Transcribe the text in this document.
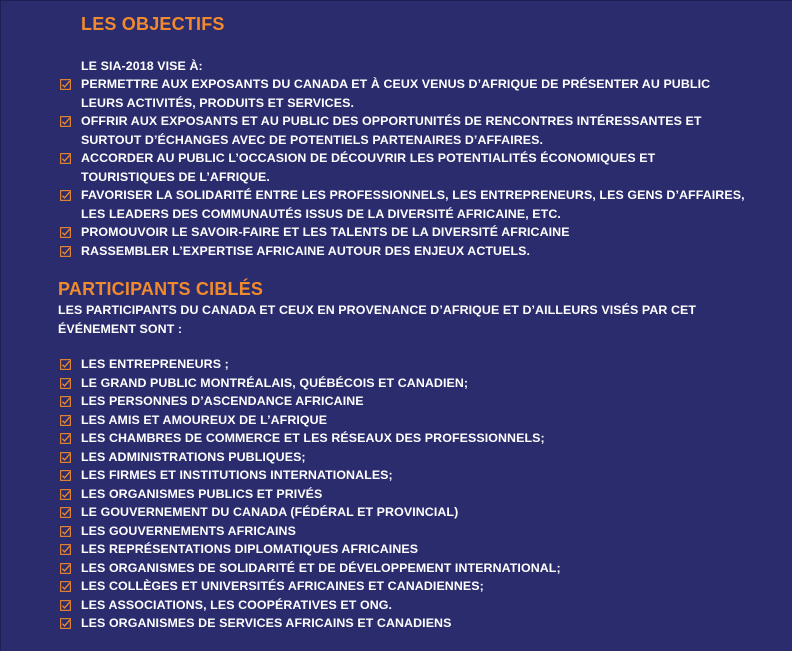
LES OBJECTIFS

LE SIA-2018 VISE À:

PERMETTRE AUX EXPOSANTS DU CANADA ET À CEUX VENUS D’AFRIQUE DE PRÉSENTER AU PUBLIC LEURS ACTIVITÉS, PRODUITS ET SERVICES.
OFFRIR AUX EXPOSANTS ET AU PUBLIC DES OPPORTUNITÉS DE RENCONTRES INTÉRESSANTES ET SURTOUT D’ÉCHANGES AVEC DE POTENTIELS PARTENAIRES D’AFFAIRES.
ACCORDER AU PUBLIC L’OCCASION DE DÉCOUVRIR LES POTENTIALITÉS ÉCONOMIQUES ET TOURISTIQUES DE L’AFRIQUE.
FAVORISER LA SOLIDARITÉ ENTRE LES PROFESSIONNELS, LES ENTREPRENEURS, LES GENS D’AFFAIRES, LES LEADERS DES COMMUNAUTÉS ISSUS DE LA DIVERSITÉ AFRICAINE, ETC.
PROMOUVOIR LE SAVOIR-FAIRE ET LES TALENTS DE LA DIVERSITÉ AFRICAINE
RASSEMBLER L’EXPERTISE AFRICAINE AUTOUR DES ENJEUX ACTUELS.
PARTICIPANTS CIBLÉS

LES PARTICIPANTS DU CANADA ET CEUX EN PROVENANCE D’AFRIQUE ET D’AILLEURS VISÉS PAR CET ÉVÉNEMENT SONT :

LES ENTREPRENEURS ;
LE GRAND PUBLIC MONTRÉALAIS, QUÉBÉCOIS ET CANADIEN;
LES PERSONNES D’ASCENDANCE AFRICAINE
LES AMIS ET AMOUREUX DE L’AFRIQUE
LES CHAMBRES DE COMMERCE ET LES RÉSEAUX DES PROFESSIONNELS;
LES ADMINISTRATIONS PUBLIQUES;
LES FIRMES ET INSTITUTIONS INTERNATIONALES;
LES ORGANISMES PUBLICS ET PRIVÉS
LE GOUVERNEMENT DU CANADA (FÉDÉRAL ET PROVINCIAL)
LES GOUVERNEMENTS AFRICAINS
LES REPRÉSENTATIONS DIPLOMATIQUES AFRICAINES
LES ORGANISMES DE SOLIDARITÉ ET DE DÉVELOPPEMENT INTERNATIONAL;
LES COLLÈGES ET UNIVERSITÉS AFRICAINES ET CANADIENNES;
LES ASSOCIATIONS, LES COOPÉRATIVES ET ONG.
LES ORGANISMES DE SERVICES AFRICAINS ET CANADIENS
